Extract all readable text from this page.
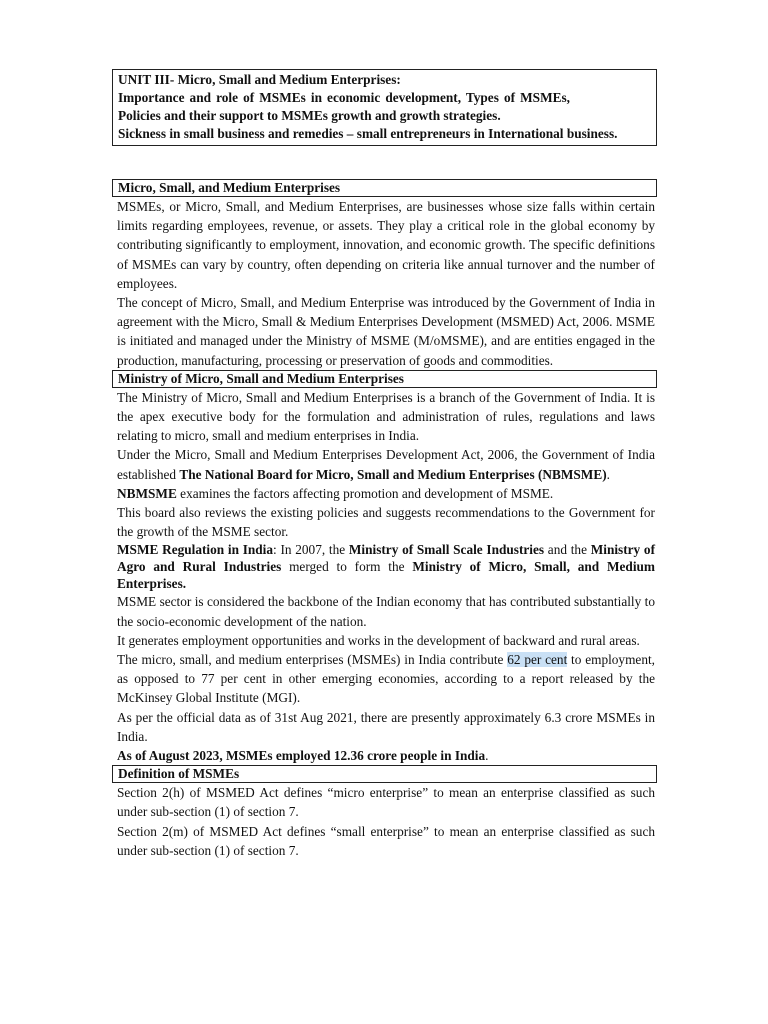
UNIT III- Micro, Small and Medium Enterprises:

Importance and role of MSMEs in economic development, Types of MSMEs, Policies and their support to MSMEs growth and growth strategies.

Sickness in small business and remedies – small entrepreneurs in International business.

Micro, Small, and Medium Enterprises

MSMEs, or Micro, Small, and Medium Enterprises, are businesses whose size falls within certain limits regarding employees, revenue, or assets. They play a critical role in the global economy by contributing significantly to employment, innovation, and economic growth. The specific definitions of MSMEs can vary by country, often depending on criteria like annual turnover and the number of employees.

The concept of Micro, Small, and Medium Enterprise was introduced by the Government of India in agreement with the Micro, Small & Medium Enterprises Development (MSMED) Act, 2006. MSME is initiated and managed under the Ministry of MSME (M/oMSME), and are entities engaged in the production, manufacturing, processing or preservation of goods and commodities.

Ministry of Micro, Small and Medium Enterprises

The Ministry of Micro, Small and Medium Enterprises is a branch of the Government of India. It is the apex executive body for the formulation and administration of rules, regulations and laws relating to micro, small and medium enterprises in India.

Under the Micro, Small and Medium Enterprises Development Act, 2006, the Government of India established The National Board for Micro, Small and Medium Enterprises (NBMSME).

NBMSME examines the factors affecting promotion and development of MSME.

This board also reviews the existing policies and suggests recommendations to the Government for the growth of the MSME sector.

MSME Regulation in India: In 2007, the Ministry of Small Scale Industries and the Ministry of Agro and Rural Industries merged to form the Ministry of Micro, Small, and Medium Enterprises.

MSME sector is considered the backbone of the Indian economy that has contributed substantially to the socio-economic development of the nation.

It generates employment opportunities and works in the development of backward and rural areas.

The micro, small, and medium enterprises (MSMEs) in India contribute 62 per cent to employment, as opposed to 77 per cent in other emerging economies, according to a report released by the McKinsey Global Institute (MGI).

As per the official data as of 31st Aug 2021, there are presently approximately 6.3 crore MSMEs in India.

As of August 2023, MSMEs employed 12.36 crore people in India.

Definition of MSMEs

Section 2(h) of MSMED Act defines “micro enterprise” to mean an enterprise classified as such under sub-section (1) of section 7.

Section 2(m) of MSMED Act defines “small enterprise” to mean an enterprise classified as such under sub-section (1) of section 7.
